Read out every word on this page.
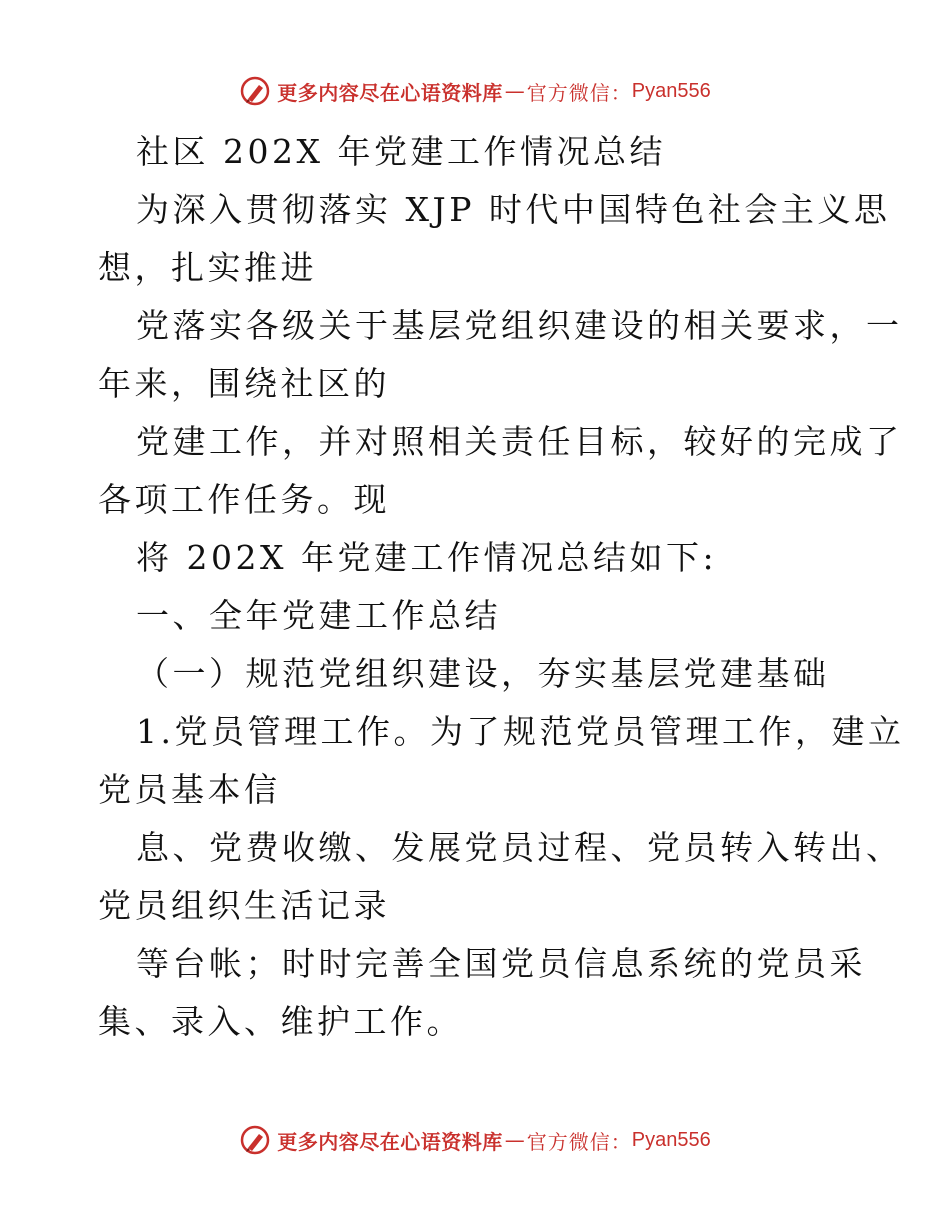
更多内容尽在心语资料库 — 官方微信： Pyan556
社区 202X 年党建工作情况总结
为深入贯彻落实 XJP 时代中国特色社会主义思
想，扎实推进
党落实各级关于基层党组织建设的相关要求，一
年来，围绕社区的
党建工作，并对照相关责任目标，较好的完成了
各项工作任务。现
将 202X 年党建工作情况总结如下:
一、全年党建工作总结
（一）规范党组织建设，夯实基层党建基础
1.党员管理工作。为了规范党员管理工作，建立
党员基本信
息、党费收缴、发展党员过程、党员转入转出、
党员组织生活记录
等台帐；时时完善全国党员信息系统的党员采
集、录入、维护工作。
更多内容尽在心语资料库 — 官方微信： Pyan556
